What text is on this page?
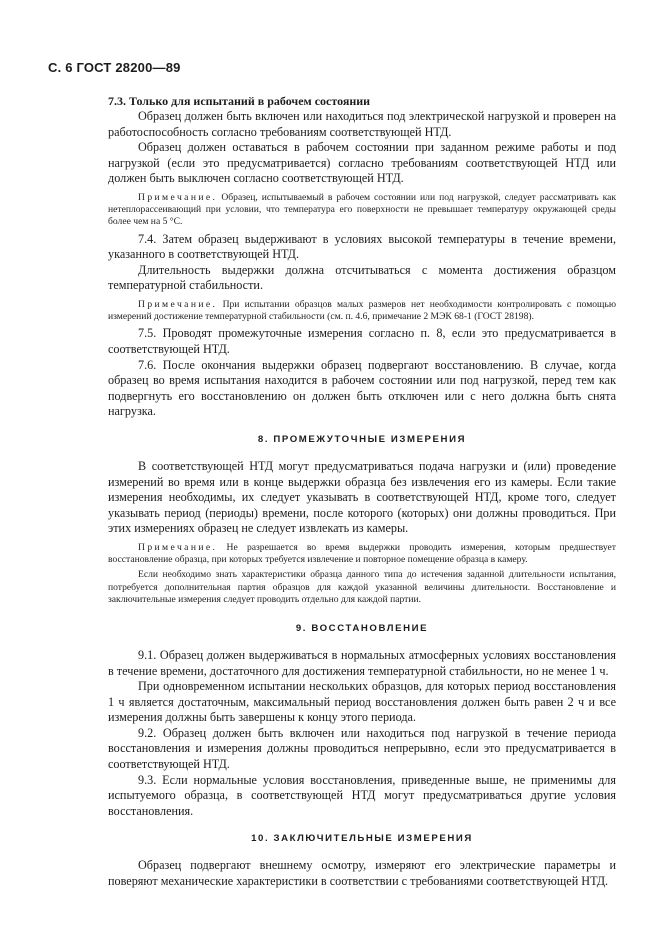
С. 6 ГОСТ 28200—89

7.3. Только для испытаний в рабочем состоянии

Образец должен быть включен или находиться под электрической нагрузкой и проверен на работоспособность согласно требованиям соответствующей НТД.

Образец должен оставаться в рабочем состоянии при заданном режиме работы и под нагрузкой (если это предусматривается) согласно требованиям соответствующей НТД или должен быть выключен согласно соответствующей НТД.

Примечание. Образец, испытываемый в рабочем состоянии или под нагрузкой, следует рассматривать как нетеплорассеивающий при условии, что температура его поверхности не превышает температуру окружающей среды более чем на 5 °С.

7.4. Затем образец выдерживают в условиях высокой температуры в течение времени, указанного в соответствующей НТД.

Длительность выдержки должна отсчитываться с момента достижения образцом температурной стабильности.

Примечание. При испытании образцов малых размеров нет необходимости контролировать с помощью измерений достижение температурной стабильности (см. п. 4.6, примечание 2 МЭК 68-1 (ГОСТ 28198).

7.5. Проводят промежуточные измерения согласно п. 8, если это предусматривается в соответствующей НТД.

7.6. После окончания выдержки образец подвергают восстановлению. В случае, когда образец во время испытания находится в рабочем состоянии или под нагрузкой, перед тем как подвергнуть его восстановлению он должен быть отключен или с него должна быть снята нагрузка.

8. ПРОМЕЖУТОЧНЫЕ ИЗМЕРЕНИЯ

В соответствующей НТД могут предусматриваться подача нагрузки и (или) проведение измерений во время или в конце выдержки образца без извлечения его из камеры. Если такие измерения необходимы, их следует указывать в соответствующей НТД, кроме того, следует указывать период (периоды) времени, после которого (которых) они должны проводиться. При этих измерениях образец не следует извлекать из камеры.

Примечание. Не разрешается во время выдержки проводить измерения, которым предшествует восстановление образца, при которых требуется извлечение и повторное помещение образца в камеру.

Если необходимо знать характеристики образца данного типа до истечения заданной длительности испытания, потребуется дополнительная партия образцов для каждой указанной величины длительности. Восстановление и заключительные измерения следует проводить отдельно для каждой партии.

9. ВОССТАНОВЛЕНИЕ

9.1. Образец должен выдерживаться в нормальных атмосферных условиях восстановления в течение времени, достаточного для достижения температурной стабильности, но не менее 1 ч.

При одновременном испытании нескольких образцов, для которых период восстановления 1 ч является достаточным, максимальный период восстановления должен быть равен 2 ч и все измерения должны быть завершены к концу этого периода.

9.2. Образец должен быть включен или находиться под нагрузкой в течение периода восстановления и измерения должны проводиться непрерывно, если это предусматривается в соответствующей НТД.

9.3. Если нормальные условия восстановления, приведенные выше, не применимы для испытуемого образца, в соответствующей НТД могут предусматриваться другие условия восстановления.

10. ЗАКЛЮЧИТЕЛЬНЫЕ ИЗМЕРЕНИЯ

Образец подвергают внешнему осмотру, измеряют его электрические параметры и поверяют механические характеристики в соответствии с требованиями соответствующей НТД.
